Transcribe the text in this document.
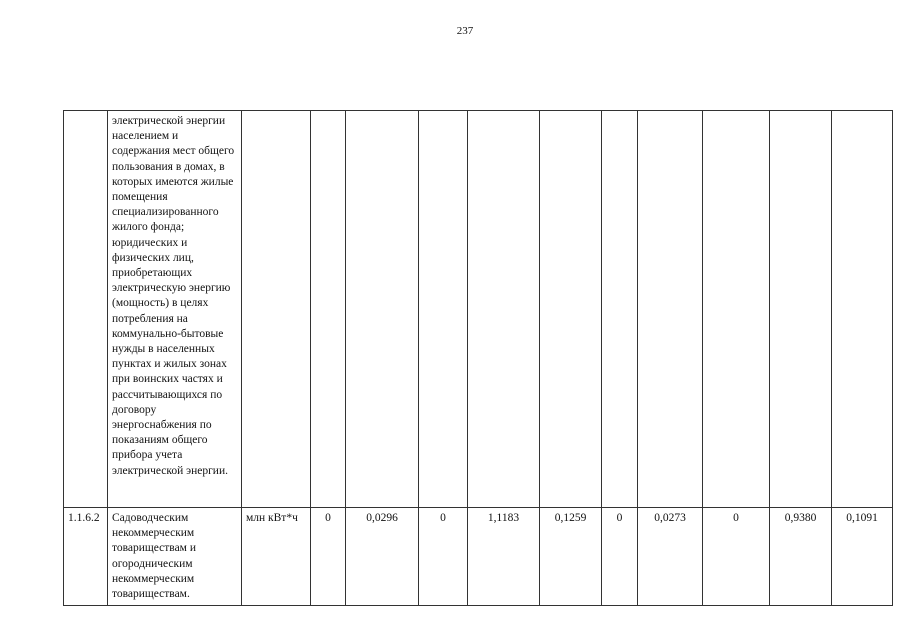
237
	электрической энергии населением и содержания мест общего пользования в домах, в которых имеются жилые помещения специализированного жилого фонда; юридических и физических лиц, приобретающих электрическую энергию (мощность) в целях потребления на коммунально-бытовые нужды в населенных пунктах и жилых зонах при воинских частях и рассчитывающихся по договору энергоснабжения по показаниям общего прибора учета электрической энергии.											
1.1.6.2	Садоводческим некоммерческим товариществам и огородническим некоммерческим товариществам.	млн кВт*ч	0	0,0296	0	1,1183	0,1259	0	0,0273	0	0,9380	0,1091
